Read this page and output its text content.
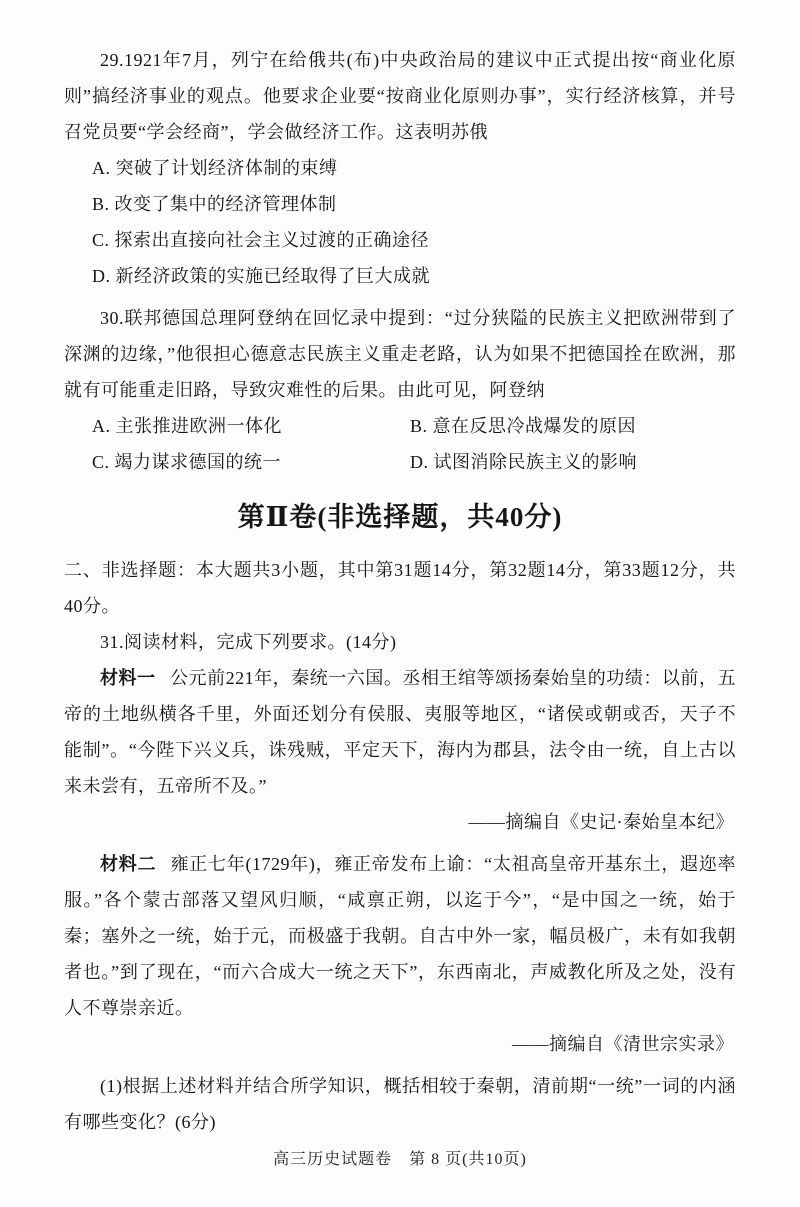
29.1921年7月，列宁在给俄共(布)中央政治局的建议中正式提出按“商业化原则”搞经济事业的观点。他要求企业要“按商业化原则办事”，实行经济核算，并号召党员要“学会经商”，学会做经济工作。这表明苏俄

A. 突破了计划经济体制的束缚
B. 改变了集中的经济管理体制
C. 探索出直接向社会主义过渡的正确途径
D. 新经济政策的实施已经取得了巨大成就

30.联邦德国总理阿登纳在回忆录中提到：“过分狭隘的民族主义把欧洲带到了深渊的边缘，”他很担心德意志民族主义重走老路，认为如果不把德国拴在欧洲，那就有可能重走旧路，导致灾难性的后果。由此可见，阿登纳

A. 主张推进欧洲一体化	B. 意在反思冷战爆发的原因
C. 竭力谋求德国的统一	D. 试图消除民族主义的影响
第Ⅱ卷(非选择题，共40分)

二、非选择题：本大题共3小题，其中第31题14分，第32题14分，第33题12分，共40分。

31.阅读材料，完成下列要求。(14分)

材料一 公元前221年，秦统一六国。丞相王绾等颂扬秦始皇的功绩：以前，五帝的土地纵横各千里，外面还划分有侯服、夷服等地区，“诸侯或朝或否，天子不能制”。“今陛下兴义兵，诛残贼，平定天下，海内为郡县，法令由一统，自上古以来未尝有，五帝所不及。”

——摘编自《史记·秦始皇本纪》

材料二 雍正七年(1729年)，雍正帝发布上谕：“太祖高皇帝开基东土，遐迩率服。”各个蒙古部落又望风归顺，“咸禀正朔，以迄于今”，“是中国之一统，始于秦；塞外之一统，始于元，而极盛于我朝。自古中外一家，幅员极广，未有如我朝者也。”到了现在，“而六合成大一统之天下”，东西南北，声威教化所及之处，没有人不尊崇亲近。

——摘编自《清世宗实录》

(1)根据上述材料并结合所学知识，概括相较于秦朝，清前期“一统”一词的内涵有哪些变化？(6分)

高三历史试题卷　第 8 页(共10页)
